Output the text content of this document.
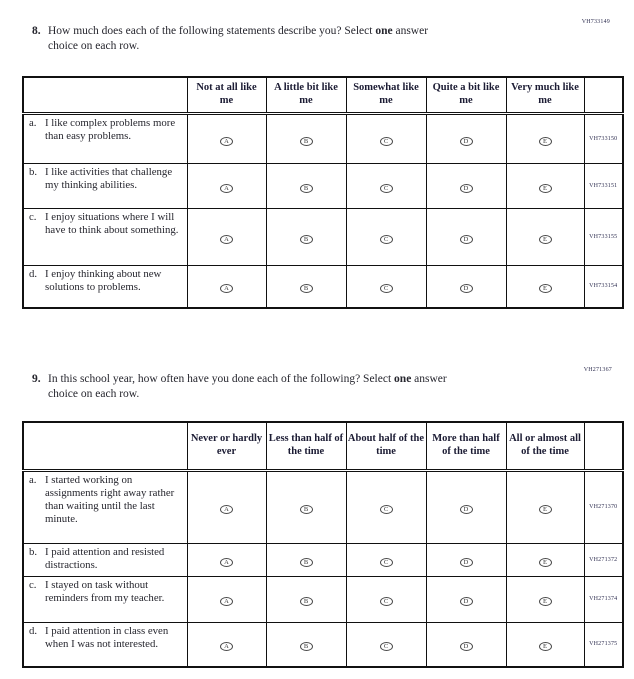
VH733149
8. How much does each of the following statements describe you? Select one answer
choice on each row.
	Not at all like me	A little bit like me	Somewhat like me	Quite a bit like me	Very much like me	

a. I like complex problems more than easy problems.	A	B	C	D	E	VH733150

b. I like activities that challenge my thinking abilities.	A	B	C	D	E	VH733151

c. I enjoy situations where I will have to think about something.	A	B	C	D	E	VH733155

d. I enjoy thinking about new solutions to problems.	A	B	C	D	E	VH733154
VH271367
9. In this school year, how often have you done each of the following? Select one answer
choice on each row.
	Never or hardly ever	Less than half of the time	About half of the time	More than half of the time	All or almost all of the time	

a. I started working on assignments right away rather than waiting until the last minute.	A	B	C	D	E	VH271370

b. I paid attention and resisted distractions.	A	B	C	D	E	VH271372

c. I stayed on task without reminders from my teacher.	A	B	C	D	E	VH271374

d. I paid attention in class even when I was not interested.	A	B	C	D	E	VH271375
